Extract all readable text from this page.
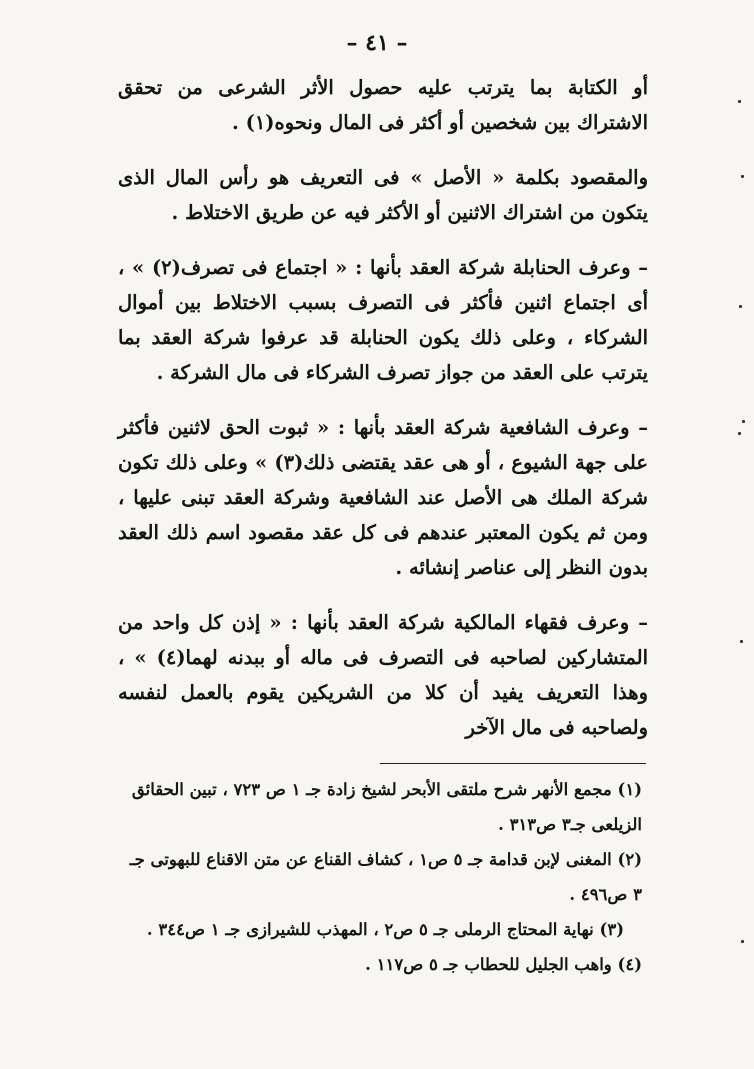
– ٤١ –

أو الكتابة بما يترتب عليه حصول الأثر الشرعى من تحقق الاشتراك بين شخصين أو أكثر فى المال ونحوه(١) .

والمقصود بكلمة « الأصل » فى التعريف هو رأس المال الذى يتكون من اشتراك الاثنين أو الأكثر فيه عن طريق الاختلاط .

– وعرف الحنابلة شركة العقد بأنها : « اجتماع فى تصرف(٢) » ، أى اجتماع اثنين فأكثر فى التصرف بسبب الاختلاط بين أموال الشركاء ، وعلى ذلك يكون الحنابلة قد عرفوا شركة العقد بما يترتب على العقد من جواز تصرف الشركاء فى مال الشركة .

– وعرف الشافعية شركة العقد بأنها : « ثبوت الحق لاثنين فأكثر على جهة الشيوع ، أو هى عقد يقتضى ذلك(٣) » وعلى ذلك تكون شركة الملك هى الأصل عند الشافعية وشركة العقد تبنى عليها ، ومن ثم يكون المعتبر عندهم فى كل عقد مقصود اسم ذلك العقد بدون النظر إلى عناصر إنشائه .

– وعرف فقهاء المالكية شركة العقد بأنها : « إذن كل واحد من المتشاركين لصاحبه فى التصرف فى ماله أو ببدنه لهما(٤) » ، وهذا التعريف يفيد أن كلا من الشريكين يقوم بالعمل لنفسه ولصاحبه فى مال الآخر

(١) مجمع الأنهر شرح ملتقى الأبحر لشيخ زادة جـ ١ ص ٧٢٣ ، تبين الحقائق الزيلعى جـ٣ ص٣١٣ .

(٢) المغنى لإبن قدامة جـ ٥ ص١ ، كشاف القناع عن متن الاقناع للبهوتى جـ ٣ ص٤٩٦ .

(٣) نهاية المحتاج الرملى جـ ٥ ص٢ ، المهذب للشيرازى جـ ١ ص٣٤٤ .

(٤) واهب الجليل للحطاب جـ ٥ ص١١٧ .
